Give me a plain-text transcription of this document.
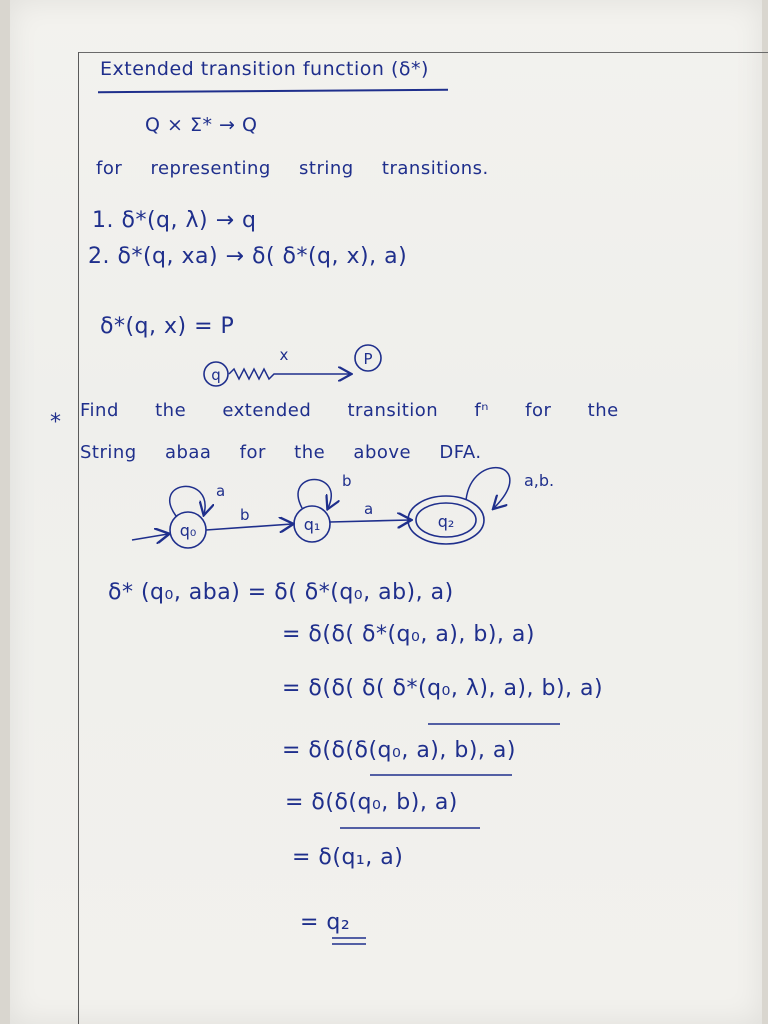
Extended transition function (δ*)
Q × Σ* → Q
for representing string transitions.
1. δ*(q, λ) → q
2. δ*(q, xa) → δ( δ*(q, x), a)
δ*(q, x) = P
q
x	P
q₀
a
b	q₁
b
a
q₂
a,b.
* Find the extended transition fⁿ for the
String abaa for the above DFA.
δ* (q₀, aba) = δ( δ*(q₀, ab), a)
= δ(δ( δ*(q₀, a), b), a)
= δ(δ( δ( δ*(q₀, λ), a), b), a)
= δ(δ(δ(q₀, a), b), a)
= δ(δ(q₀, b), a)
= δ(q₁, a)
= q₂
